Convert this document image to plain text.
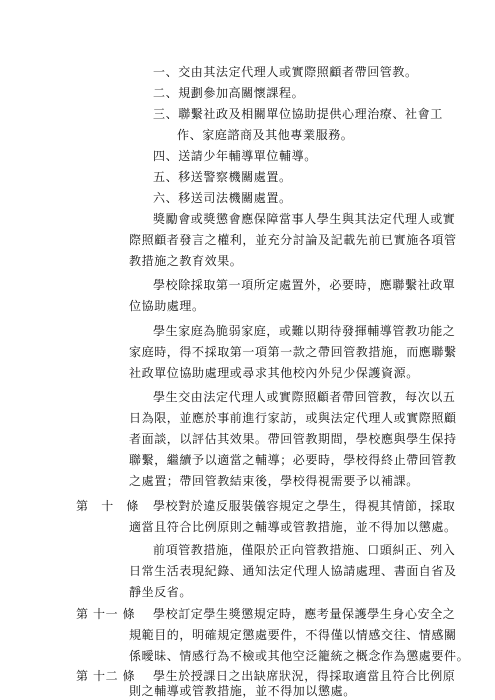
一、交由其法定代理人或實際照顧者帶回管教。
二、規劃參加高關懷課程。
三、聯繫社政及相關單位協助提供心理治療、社會工
作、家庭諮商及其他專業服務。
四、送請少年輔導單位輔導。
五、移送警察機關處置。
六、移送司法機關處置。
獎勵會或獎懲會應保障當事人學生與其法定代理人或實
際照顧者發言之權利，並充分討論及記載先前已實施各項管
教措施之教育效果。
學校除採取第一項所定處置外，必要時，應聯繫社政單
位協助處理。
學生家庭為脆弱家庭，或難以期待發揮輔導管教功能之
家庭時，得不採取第一項第一款之帶回管教措施，而應聯繫
社政單位協助處理或尋求其他校內外兒少保護資源。
學生交由法定代理人或實際照顧者帶回管教，每次以五
日為限，並應於事前進行家訪，或與法定代理人或實際照顧
者面談，以評估其效果。帶回管教期間，學校應與學生保持
聯繫，繼續予以適當之輔導；必要時，學校得終止帶回管教
之處置；帶回管教結束後，學校得視需要予以補課。
第　十　條 學校對於違反服裝儀容規定之學生，得視其情節，採取
適當且符合比例原則之輔導或管教措施，並不得加以懲處。
前項管教措施，僅限於正向管教措施、口頭糾正、列入
日常生活表現紀錄、通知法定代理人協請處理、書面自省及
靜坐反省。
第 十一 條 學校訂定學生獎懲規定時，應考量保護學生身心安全之
規範目的，明確規定懲處要件，不得僅以情感交往、情感關
係曖昧、情感行為不檢或其他空泛籠統之概念作為懲處要件。
第 十二 條 學生於授課日之出缺席狀況，得採取適當且符合比例原
則之輔導或管教措施，並不得加以懲處。
